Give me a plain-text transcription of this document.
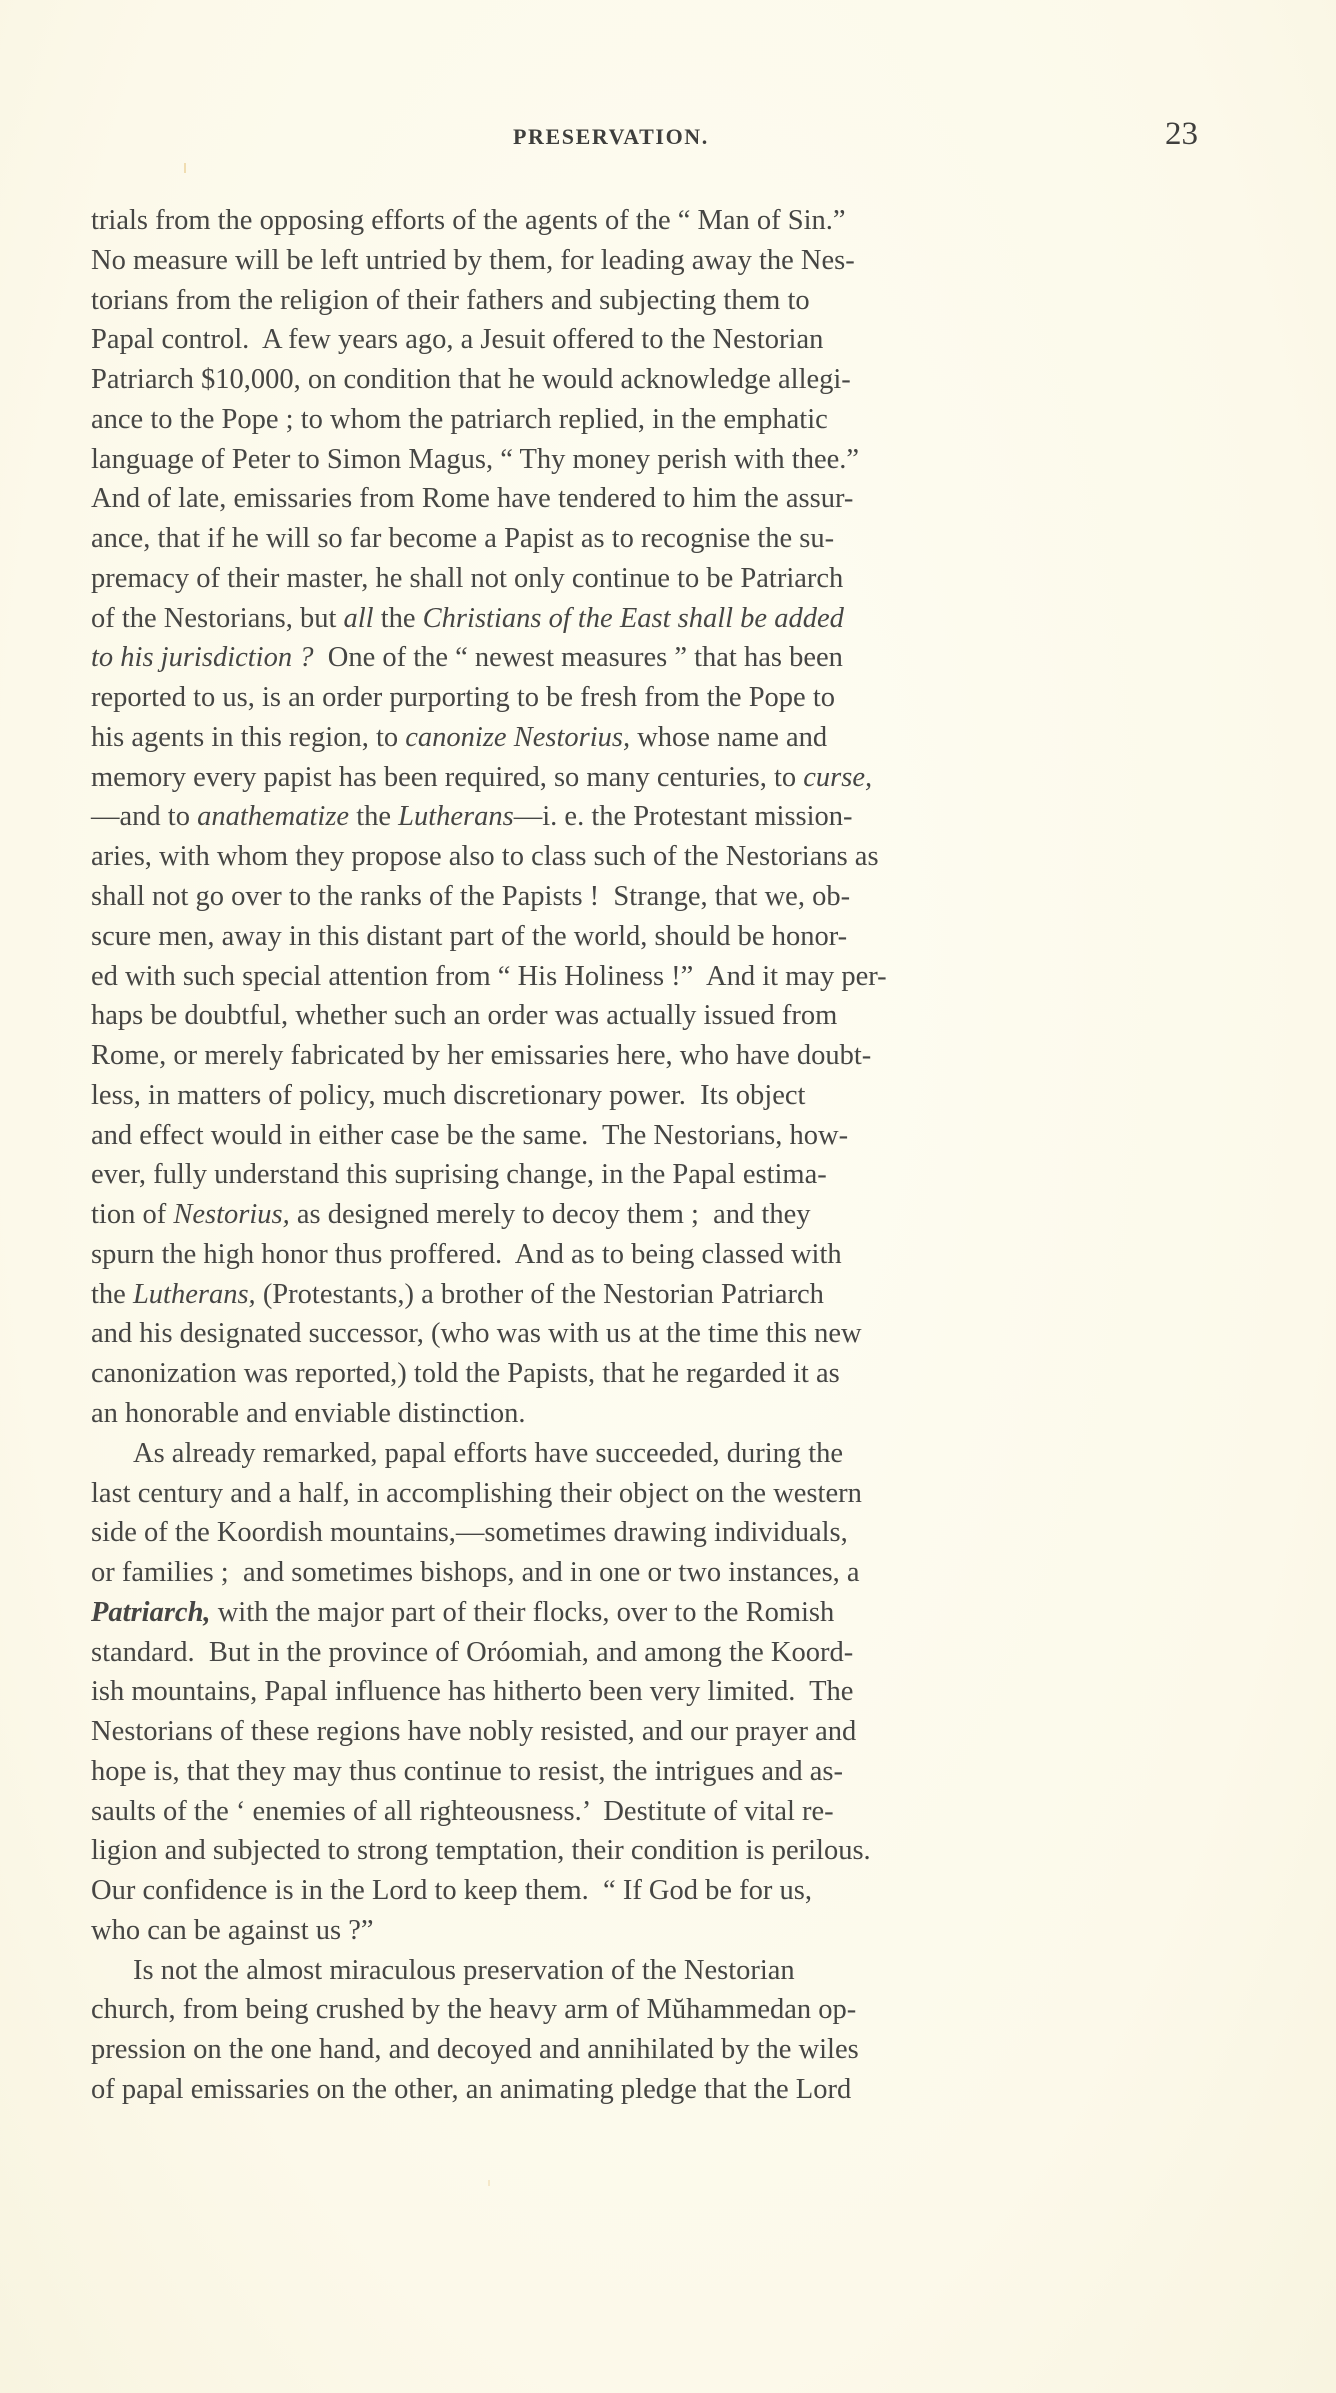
PRESERVATION.	23
trials from the opposing efforts of the agents of the “ Man of Sin.”
No measure will be left untried by them, for leading away the Nes-
torians from the religion of their fathers and subjecting them to
Papal control.  A few years ago, a Jesuit offered to the Nestorian
Patriarch $10,000, on condition that he would acknowledge allegi-
ance to the Pope ; to whom the patriarch replied, in the emphatic
language of Peter to Simon Magus, “ Thy money perish with thee.”
And of late, emissaries from Rome have tendered to him the assur-
ance, that if he will so far become a Papist as to recognise the su-
premacy of their master, he shall not only continue to be Patriarch
of the Nestorians, but all the Christians of the East shall be added
to his jurisdiction ?  One of the “ newest measures ” that has been
reported to us, is an order purporting to be fresh from the Pope to
his agents in this region, to canonize Nestorius, whose name and
memory every papist has been required, so many centuries, to curse,
—and to anathematize the Lutherans—i. e. the Protestant mission-
aries, with whom they propose also to class such of the Nestorians as
shall not go over to the ranks of the Papists !  Strange, that we, ob-
scure men, away in this distant part of the world, should be honor-
ed with such special attention from “ His Holiness !”  And it may per-
haps be doubtful, whether such an order was actually issued from
Rome, or merely fabricated by her emissaries here, who have doubt-
less, in matters of policy, much discretionary power.  Its object
and effect would in either case be the same.  The Nestorians, how-
ever, fully understand this suprising change, in the Papal estima-
tion of Nestorius, as designed merely to decoy them ;  and they
spurn the high honor thus proffered.  And as to being classed with
the Lutherans, (Protestants,) a brother of the Nestorian Patriarch
and his designated successor, (who was with us at the time this new
canonization was reported,) told the Papists, that he regarded it as
an honorable and enviable distinction.
As already remarked, papal efforts have succeeded, during the
last century and a half, in accomplishing their object on the western
side of the Koordish mountains,—sometimes drawing individuals,
or families ;  and sometimes bishops, and in one or two instances, a
Patriarch, with the major part of their flocks, over to the Romish
standard.  But in the province of Oróomiah, and among the Koord-
ish mountains, Papal influence has hitherto been very limited.  The
Nestorians of these regions have nobly resisted, and our prayer and
hope is, that they may thus continue to resist, the intrigues and as-
saults of the ‘ enemies of all righteousness.’  Destitute of vital re-
ligion and subjected to strong temptation, their condition is perilous.
Our confidence is in the Lord to keep them.  “ If God be for us,
who can be against us ?”
Is not the almost miraculous preservation of the Nestorian
church, from being crushed by the heavy arm of Mŭhammedan op-
pression on the one hand, and decoyed and annihilated by the wiles
of papal emissaries on the other, an animating pledge that the Lord
